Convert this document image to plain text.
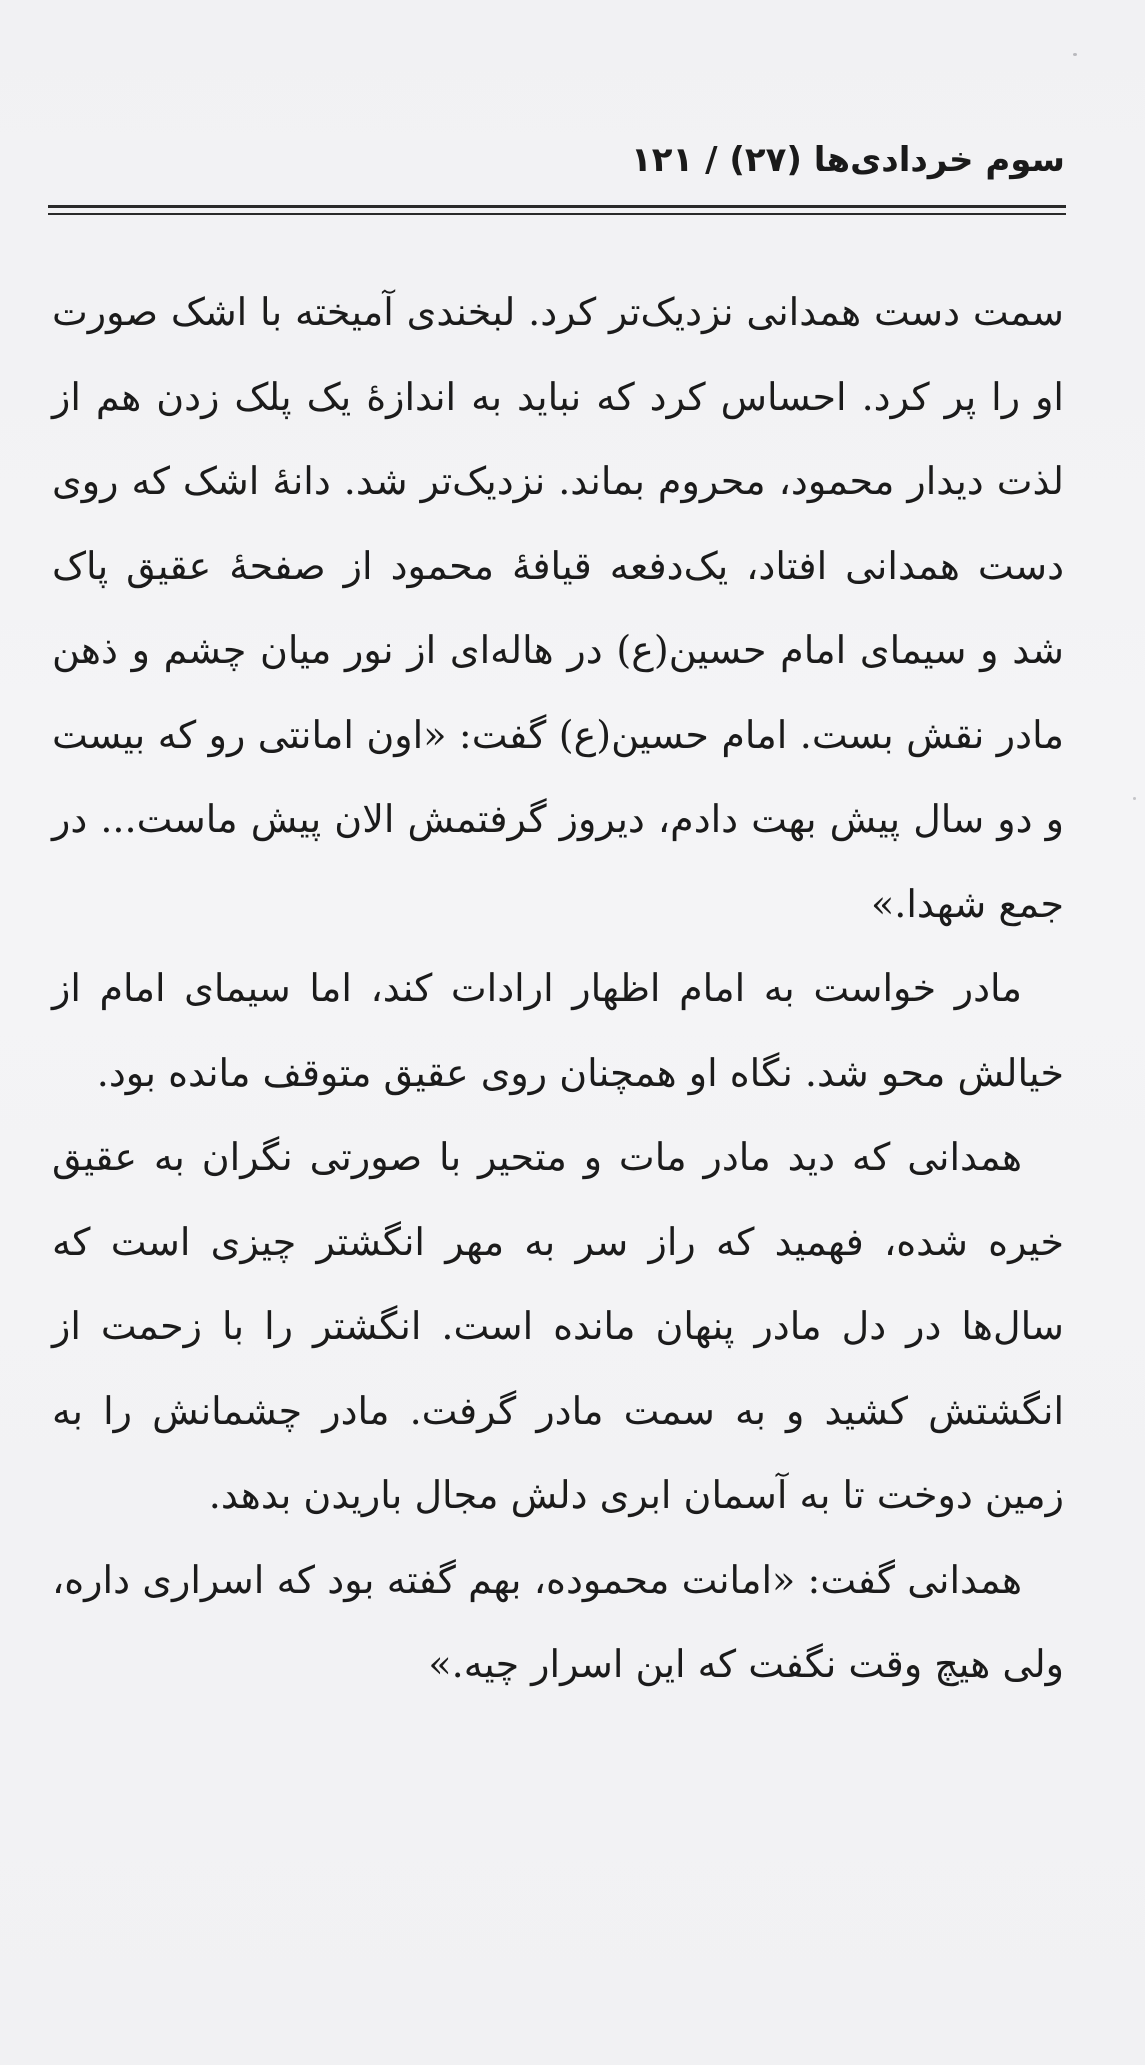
سوم خردادی‌ها (۲۷) / ۱۲۱

سمت دست همدانی نزدیک‌تر کرد. لبخندی آمیخته با اشک صورت او را پر کرد. احساس کرد که نباید به اندازهٔ یک پلک زدن هم از لذت دیدار محمود، محروم بماند. نزدیک‌تر شد. دانهٔ اشک که روی دست همدانی افتاد، یک‌دفعه قیافهٔ محمود از صفحهٔ عقیق پاک شد و سیمای امام حسین(ع) در هاله‌ای از نور میان چشم و ذهن مادر نقش بست. امام حسین(ع) گفت: «اون امانتی رو که بیست و دو سال پیش بهت دادم، دیروز گرفتمش الان پیش ماست... در جمع شهدا.»

مادر خواست به امام اظهار ارادات کند، اما سیمای امام از خیالش محو شد. نگاه او همچنان روی عقیق متوقف مانده بود.

همدانی که دید مادر مات و متحیر با صورتی نگران به عقیق خیره شده، فهمید که راز سر به مهر انگشتر چیزی است که سال‌ها در دل مادر پنهان مانده است. انگشتر را با زحمت از انگشتش کشید و به سمت مادر گرفت. مادر چشمانش را به زمین دوخت تا به آسمان ابری دلش مجال باریدن بدهد.

همدانی گفت: «امانت محموده، بهم گفته بود که اسراری داره، ولی هیچ وقت نگفت که این اسرار چیه.»
